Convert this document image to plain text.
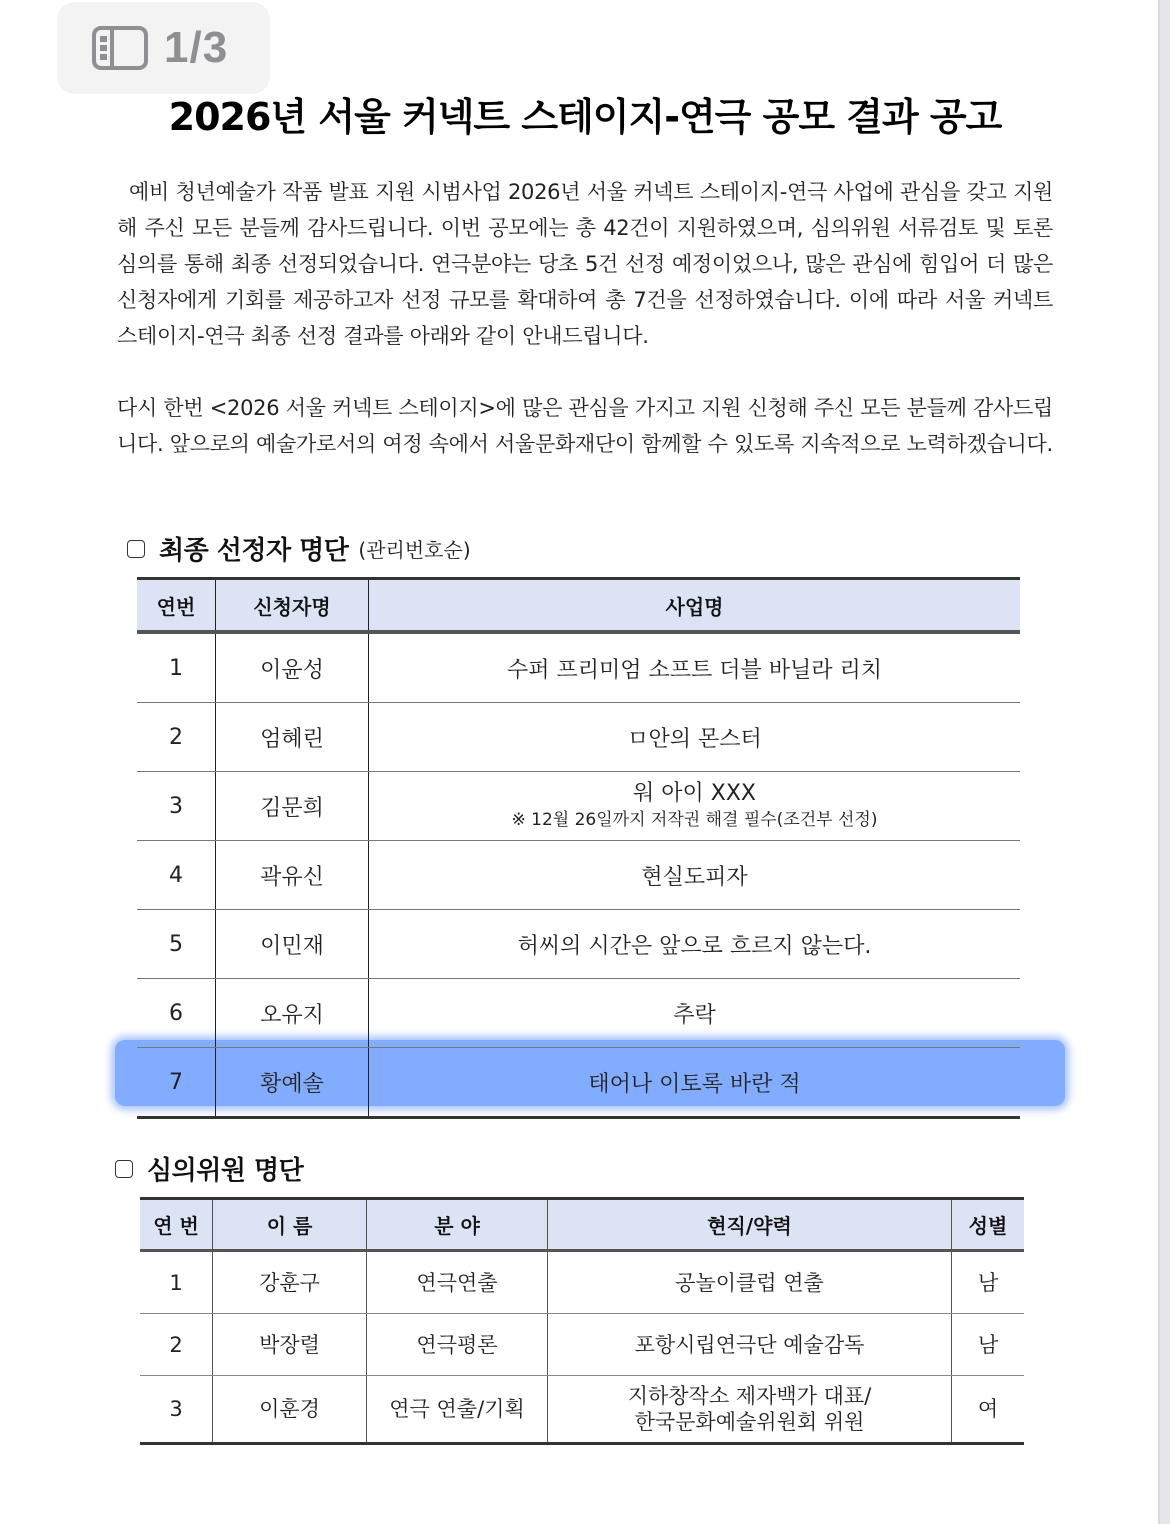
1/3
2026년 서울 커넥트 스테이지-연극 공모 결과 공고
예비 청년예술가 작품 발표 지원 시범사업 2026년 서울 커넥트 스테이지-연극 사업에 관심을 갖고 지원해 주신 모든 분들께 감사드립니다. 이번 공모에는 총 42건이 지원하였으며, 심의위원 서류검토 및 토론심의를 통해 최종 선정되었습니다. 연극분야는 당초 5건 선정 예정이었으나, 많은 관심에 힘입어 더 많은 신청자에게 기회를 제공하고자 선정 규모를 확대하여 총 7건을 선정하였습니다. 이에 따라 서울 커넥트 스테이지-연극 최종 선정 결과를 아래와 같이 안내드립니다.
다시 한번 <2026 서울 커넥트 스테이지>에 많은 관심을 가지고 지원 신청해 주신 모든 분들께 감사드립니다. 앞으로의 예술가로서의 여정 속에서 서울문화재단이 함께할 수 있도록 지속적으로 노력하겠습니다.
최종 선정자 명단 (관리번호순)
연번	신청자명	사업명
1	이윤성	수퍼 프리미엄 소프트 더블 바닐라 리치
2	엄혜린	ㅁ안의 몬스터
3	김문희	워 아이 XXX
※ 12월 26일까지 저작권 해결 필수(조건부 선정)

4	곽유신	현실도피자
5	이민재	허씨의 시간은 앞으로 흐르지 않는다.
6	오유지	추락
7	황예솔	태어나 이토록 바란 적
심의위원 명단
연 번	이 름	분 야	현직/약력	성별
1	강훈구	연극연출	공놀이클럽 연출	남
2	박장렬	연극평론	포항시립연극단 예술감독	남
3	이훈경	연극 연출/기획	지하창작소 제자백가 대표/
한국문화예술위원회 위원	여
